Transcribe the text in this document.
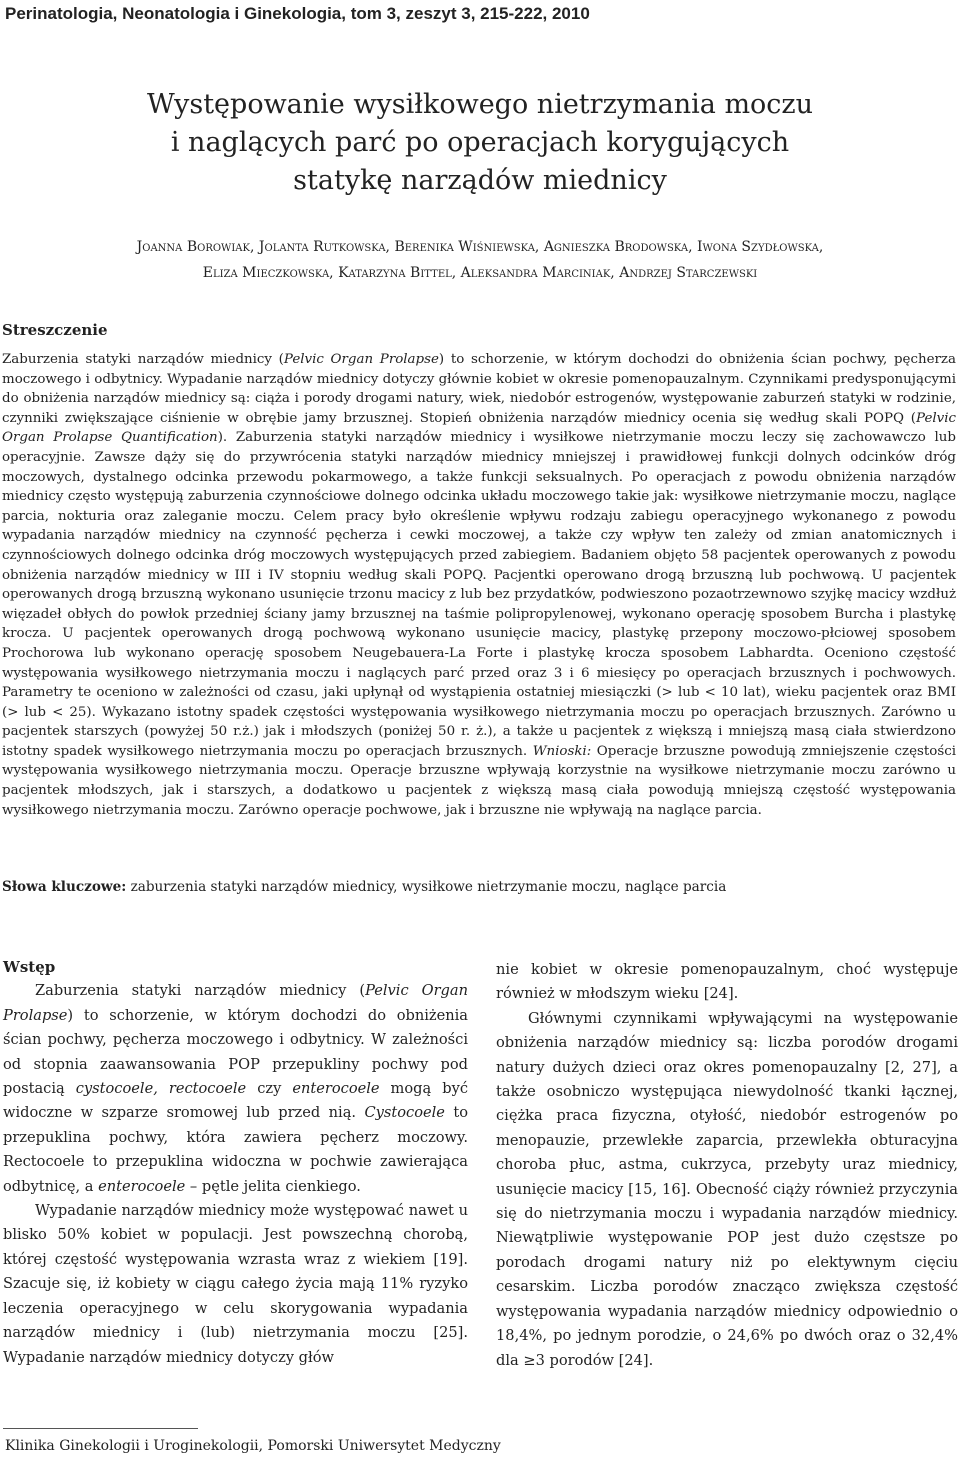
Perinatologia, Neonatologia i Ginekologia, tom 3, zeszyt 3, 215-222, 2010
Występowanie wysiłkowego nietrzymania moczu
i naglących parć po operacjach korygujących
statykę narządów miednicy
Joanna Borowiak, Jolanta Rutkowska, Berenika Wiśniewska, Agnieszka Brodowska, Iwona Szydłowska,
Eliza Mieczkowska, Katarzyna Bittel, Aleksandra Marciniak, Andrzej Starczewski
Streszczenie
Zaburzenia statyki narządów miednicy (Pelvic Organ Prolapse) to schorzenie, w którym dochodzi do obniżenia ścian pochwy, pęcherza moczowego i odbytnicy. Wypadanie narządów miednicy dotyczy głównie kobiet w okresie pomenopauzalnym. Czynnikami predysponującymi do obniżenia narządów miednicy są: ciąża i porody drogami natury, wiek, niedobór estrogenów, występowanie zaburzeń statyki w rodzinie, czynniki zwiększające ciśnienie w obrębie jamy brzusznej. Stopień obniżenia narządów miednicy ocenia się według skali POPQ (Pelvic Organ Prolapse Quantification). Zaburzenia statyki narządów miednicy i wysiłkowe nietrzymanie moczu leczy się zachowawczo lub operacyjnie. Zawsze dąży się do przywrócenia statyki narządów miednicy mniejszej i prawidłowej funkcji dolnych odcinków dróg moczowych, dystalnego odcinka przewodu pokarmowego, a także funkcji seksualnych. Po operacjach z powodu obniżenia narządów miednicy często występują zaburzenia czynnościowe dolnego odcinka układu moczowego takie jak: wysiłkowe nietrzymanie moczu, naglące parcia, nokturia oraz zaleganie moczu. Celem pracy było określenie wpływu rodzaju zabiegu operacyjnego wykonanego z powodu wypadania narządów miednicy na czynność pęcherza i cewki moczowej, a także czy wpływ ten zależy od zmian anatomicznych i czynnościowych dolnego odcinka dróg moczowych występujących przed zabiegiem. Badaniem objęto 58 pacjentek operowanych z powodu obniżenia narządów miednicy w III i IV stopniu według skali POPQ. Pacjentki operowano drogą brzuszną lub pochwową. U pacjentek operowanych drogą brzuszną wykonano usunięcie trzonu macicy z lub bez przydatków, podwieszono pozaotrzewnowo szyjkę macicy wzdłuż więzadeł obłych do powłok przedniej ściany jamy brzusznej na taśmie polipropylenowej, wykonano operację sposobem Burcha i plastykę krocza. U pacjentek operowanych drogą pochwową wykonano usunięcie macicy, plastykę przepony moczowo-płciowej sposobem Prochorowa lub wykonano operację sposobem Neugebauera-La Forte i plastykę krocza sposobem Labhardta. Oceniono częstość występowania wysiłkowego nietrzymania moczu i naglących parć przed oraz 3 i 6 miesięcy po operacjach brzusznych i pochwowych. Parametry te oceniono w zależności od czasu, jaki upłynął od wystąpienia ostatniej miesiączki (> lub < 10 lat), wieku pacjentek oraz BMI (> lub < 25). Wykazano istotny spadek częstości występowania wysiłkowego nietrzymania moczu po operacjach brzusznych. Zarówno u pacjentek starszych (powyżej 50 r.ż.) jak i młodszych (poniżej 50 r. ż.), a także u pacjentek z większą i mniejszą masą ciała stwierdzono istotny spadek wysiłkowego nietrzymania moczu po operacjach brzusznych. Wnioski: Operacje brzuszne powodują zmniejszenie częstości występowania wysiłkowego nietrzymania moczu. Operacje brzuszne wpływają korzystnie na wysiłkowe nietrzymanie moczu zarówno u pacjentek młodszych, jak i starszych, a dodatkowo u pacjentek z większą masą ciała powodują mniejszą częstość występowania wysiłkowego nietrzymania moczu. Zarówno operacje pochwowe, jak i brzuszne nie wpływają na naglące parcia.
Słowa kluczowe: zaburzenia statyki narządów miednicy, wysiłkowe nietrzymanie moczu, naglące parcia

Wstęp

Zaburzenia statyki narządów miednicy (Pelvic Organ Prolapse) to schorzenie, w którym dochodzi do obniżenia ścian pochwy, pęcherza moczowego i odbytnicy. W zależności od stopnia zaawansowania POP przepukliny pochwy pod postacią cystocoele, rectocoele czy enterocoele mogą być widoczne w szparze sromowej lub przed nią. Cystocoele to przepuklina pochwy, która zawiera pęcherz moczowy. Rectocoele to przepuklina widoczna w pochwie zawierająca odbytnicę, a enterocoele – pętle jelita cienkiego.

Wypadanie narządów miednicy może występować nawet u blisko 50% kobiet w populacji. Jest powszechną chorobą, której częstość występowania wzrasta wraz z wiekiem [19]. Szacuje się, iż kobiety w ciągu całego życia mają 11% ryzyko leczenia operacyjnego w celu skorygowania wypadania narządów miednicy i (lub) nietrzymania moczu [25]. Wypadanie narządów miednicy dotyczy głów

nie kobiet w okresie pomenopauzalnym, choć występuje również w młodszym wieku [24].

Głównymi czynnikami wpływającymi na występowanie obniżenia narządów miednicy są: liczba porodów drogami natury dużych dzieci oraz okres pomenopauzalny [2, 27], a także osobniczo występująca niewydolność tkanki łącznej, ciężka praca fizyczna, otyłość, niedobór estrogenów po menopauzie, przewlekłe zaparcia, przewlekła obturacyjna choroba płuc, astma, cukrzyca, przebyty uraz miednicy, usunięcie macicy [15, 16]. Obecność ciąży również przyczynia się do nietrzymania moczu i wypadania narządów miednicy. Niewątpliwie występowanie POP jest dużo częstsze po porodach drogami natury niż po elektywnym cięciu cesarskim. Liczba porodów znacząco zwiększa częstość występowania wypadania narządów miednicy odpowiednio o 18,4%, po jednym porodzie, o 24,6% po dwóch oraz o 32,4% dla ≥3 porodów [24].

Klinika Ginekologii i Uroginekologii, Pomorski Uniwersytet Medyczny
